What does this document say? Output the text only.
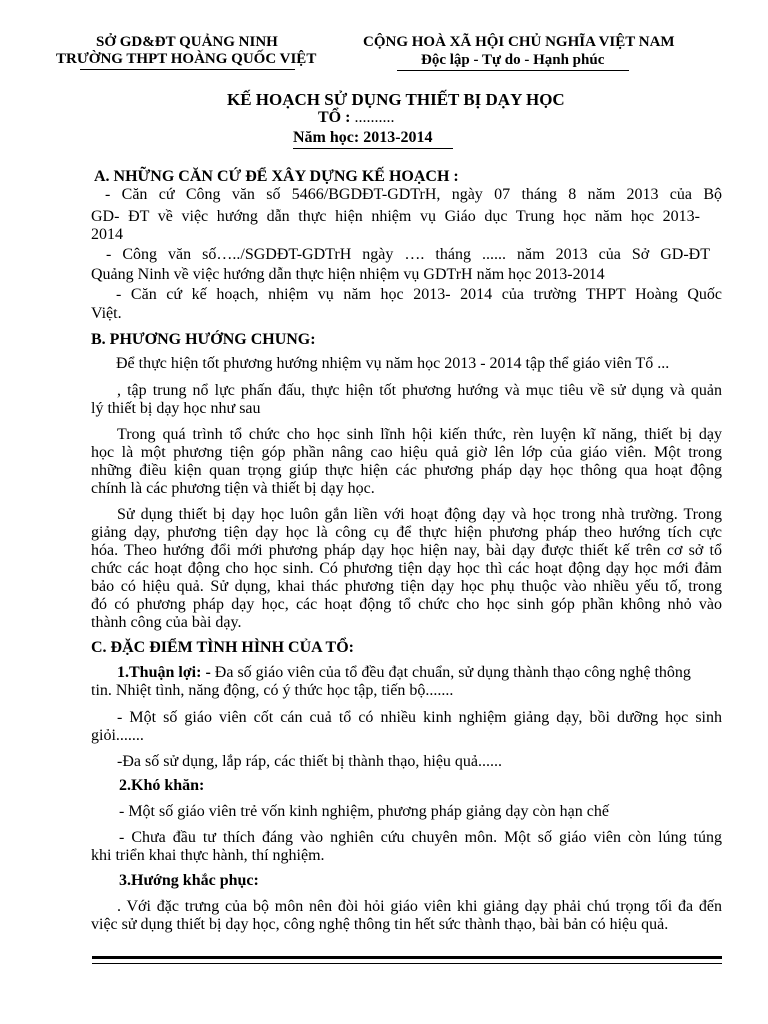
SỞ GD&ĐT QUẢNG NINH
TRƯỜNG THPT HOÀNG QUỐC VIỆT
CỘNG HOÀ XÃ HỘI CHỦ NGHĨA VIỆT NAM
Độc lập - Tự do - Hạnh phúc
KẾ HOẠCH SỬ DỤNG THIẾT BỊ DẠY HỌC
TỔ : ..........
Năm học: 2013-2014
A. NHỮNG CĂN CỨ ĐỂ XÂY DỰNG KẾ HOẠCH :
- Căn cứ Công văn số 5466/BGDĐT-GDTrH, ngày 07 tháng 8 năm 2013 của Bộ
GD- ĐT về việc hướng dẫn thực hiện nhiệm vụ Giáo dục Trung học năm học 2013-
2014
- Công văn số…../SGDĐT-GDTrH ngày …. tháng ...... năm 2013 của Sở GD-ĐT
Quảng Ninh về việc hướng dẫn thực hiện nhiệm vụ GDTrH năm học 2013-2014
- Căn cứ kế hoạch, nhiệm vụ năm học 2013- 2014 của trường THPT Hoàng Quốc
Việt.
B. PHƯƠNG HƯỚNG CHUNG:
Để thực hiện tốt phương hướng nhiệm vụ năm học 2013 - 2014 tập thể giáo viên Tổ ...
, tập trung nổ lực phấn đấu, thực hiện tốt phương hướng và mục tiêu về sử dụng và quản
lý thiết bị dạy học như sau
Trong quá trình tổ chức cho học sinh lĩnh hội kiến thức, rèn luyện kĩ năng, thiết bị dạy
học là một phương tiện góp phần nâng cao hiệu quả giờ lên lớp của giáo viên. Một trong
những điều kiện quan trọng giúp thực hiện các phương pháp dạy học thông qua hoạt động
chính là các phương tiện và thiết bị dạy học.
Sử dụng thiết bị dạy học luôn gắn liền với hoạt động dạy và học trong nhà trường. Trong
giảng dạy, phương tiện dạy học là công cụ để thực hiện phương pháp theo hướng tích cực
hóa. Theo hướng đổi mới phương pháp dạy học hiện nay, bài dạy được thiết kế trên cơ sở tổ
chức các hoạt động cho học sinh. Có phương tiện dạy học thì các hoạt động dạy học mới đảm
bảo có hiệu quả. Sử dụng, khai thác phương tiện dạy học phụ thuộc vào nhiều yếu tố, trong
đó có phương pháp dạy học, các hoạt động tổ chức cho học sinh góp phần không nhỏ vào
thành công của bài dạy.
C. ĐẶC ĐIỂM TÌNH HÌNH CỦA TỔ:
1.Thuận lợi: - Đa số giáo viên của tổ đều đạt chuẩn, sử dụng thành thạo công nghệ thông
tin. Nhiệt tình, năng động, có ý thức học tập, tiến bộ.......
- Một số giáo viên cốt cán cuả tổ có nhiều kinh nghiệm giảng dạy, bồi dưỡng học sinh
giỏi.......
-Đa số sử dụng, lắp ráp, các thiết bị thành thạo, hiệu quả......
2.Khó khăn:
- Một số giáo viên trẻ vốn kinh nghiệm, phương pháp giảng dạy còn hạn chế
- Chưa đầu tư thích đáng vào nghiên cứu chuyên môn. Một số giáo viên còn lúng túng
khi triển khai thực hành, thí nghiệm.
3.Hướng khắc phục:
. Với đặc trưng của bộ môn nên đòi hỏi giáo viên khi giảng dạy phải chú trọng tối đa đến
việc sử dụng thiết bị dạy học, công nghệ thông tin hết sức thành thạo, bài bản có hiệu quả.
